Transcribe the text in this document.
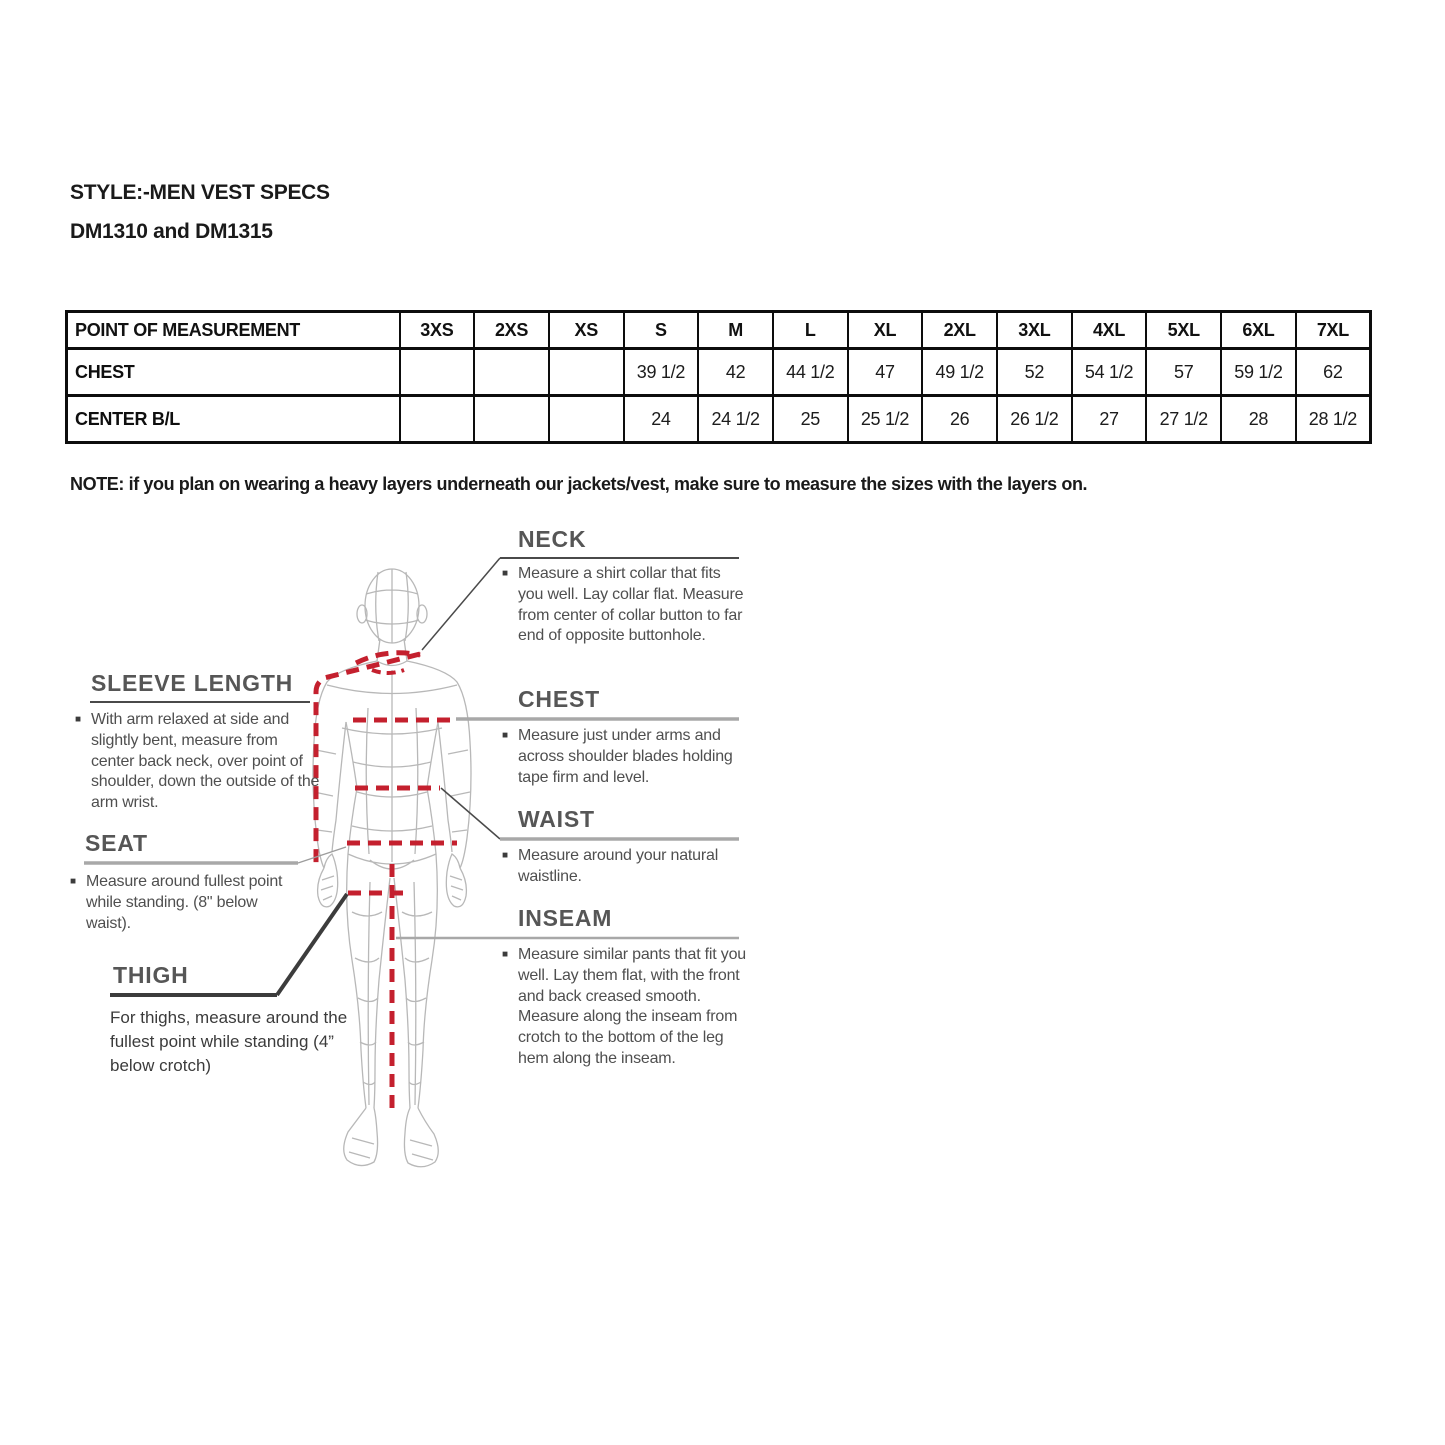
STYLE:-MEN VEST SPECS
DM1310 and DM1315
POINT OF MEASUREMENT	3XS	2XS	XS	S	M	L	XL	2XL	3XL	4XL	5XL	6XL	7XL
CHEST				39 1/2	42	44 1/2	47	49 1/2	52	54 1/2	57	59 1/2	62
CENTER B/L				24	24 1/2	25	25 1/2	26	26 1/2	27	27 1/2	28	28 1/2
NOTE: if you plan on wearing a heavy layers underneath our jackets/vest, make sure to measure the sizes with the layers on.
NECK
■ Measure a shirt collar that fits you well. Lay collar flat. Measure from center of collar button to far end of opposite buttonhole.
CHEST
■ Measure just under arms and across shoulder blades holding tape firm and level.
WAIST
■ Measure around your natural waistline.
INSEAM
■ Measure similar pants that fit you well. Lay them flat, with the front and back creased smooth. Measure along the inseam from crotch to the bottom of the leg hem along the inseam.
SLEEVE LENGTH
■ With arm relaxed at side and slightly bent, measure from center back neck, over point of shoulder, down the outside of the arm wrist.
SEAT
■ Measure around fullest point while standing. (8" below waist).
THIGH
For thighs, measure around the fullest point while standing (4” below crotch)
